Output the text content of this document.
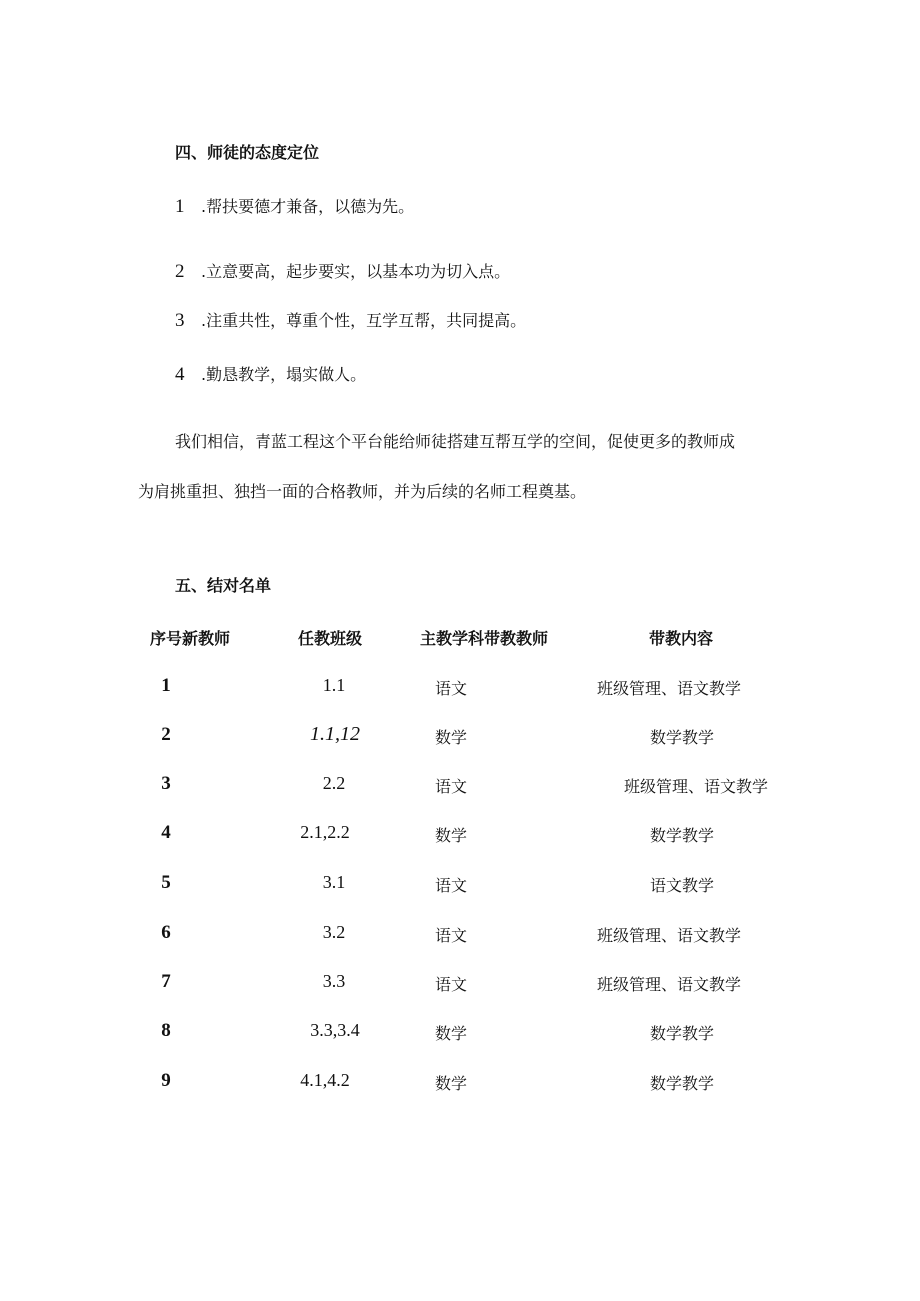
四、师徒的态度定位
1 .帮扶要德才兼备，以德为先。
2 .立意要高，起步要实，以基本功为切入点。
3 .注重共性，尊重个性，互学互帮，共同提高。
4 .勤恳教学，塌实做人。
我们相信，青蓝工程这个平台能给师徒搭建互帮互学的空间，促使更多的教师成
为肩挑重担、独挡一面的合格教师，并为后续的名师工程奠基。
五、结对名单
序号新教师	任教班级	主教学科带教教师	带教内容
1	1.1	语文	班级管理、语文教学
2	1.1,12	数学	数学教学
3	2.2	语文	班级管理、语文教学
4	2.1,2.2	数学	数学教学
5	3.1	语文	语文教学
6	3.2	语文	班级管理、语文教学
7	3.3	语文	班级管理、语文教学
8	3.3,3.4	数学	数学教学
9	4.1,4.2	数学	数学教学
